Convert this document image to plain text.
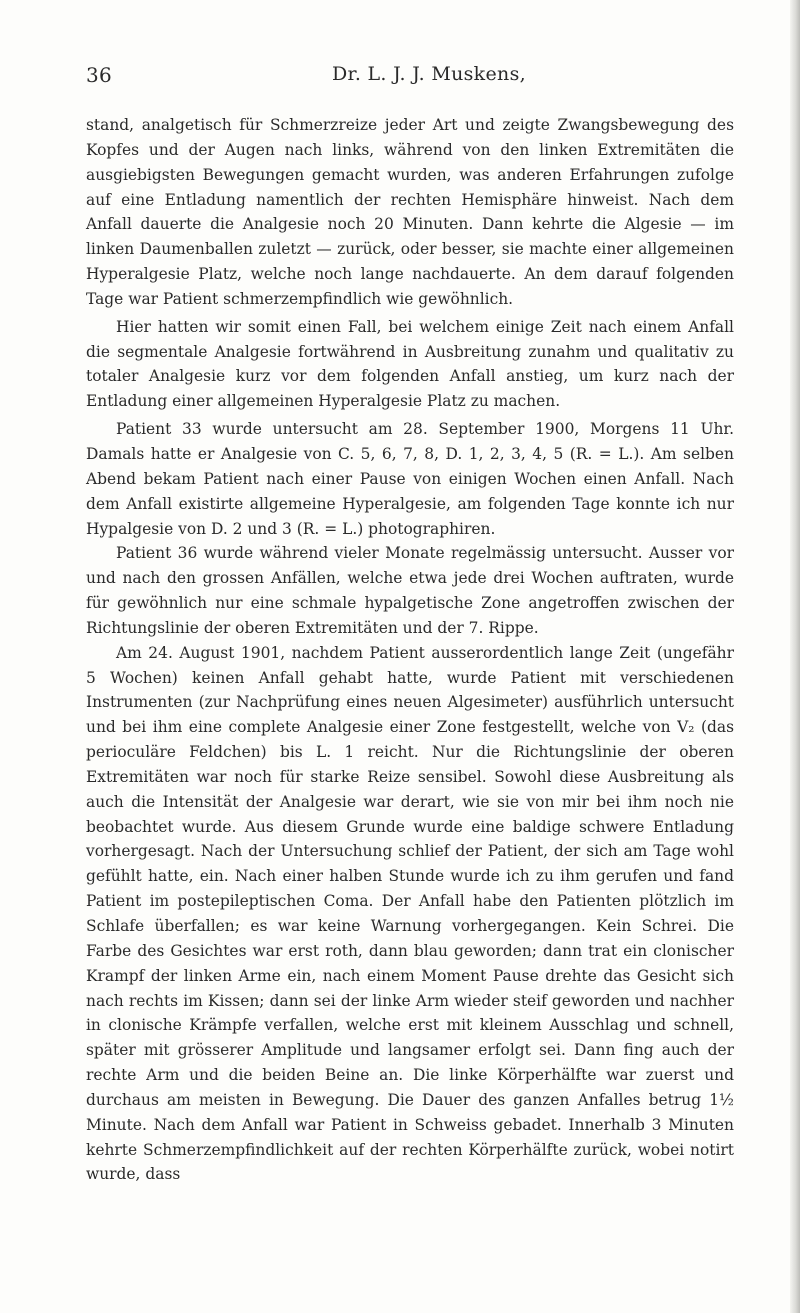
36	Dr. L. J. J. Muskens,

stand, analgetisch für Schmerzreize jeder Art und zeigte Zwangsbewegung des Kopfes und der Augen nach links, während von den linken Extremitäten die ausgiebigsten Bewegungen gemacht wurden, was anderen Erfahrungen zufolge auf eine Entladung namentlich der rechten Hemisphäre hinweist. Nach dem Anfall dauerte die Analgesie noch 20 Minuten. Dann kehrte die Algesie — im linken Daumenballen zuletzt — zurück, oder besser, sie machte einer allgemeinen Hyperalgesie Platz, welche noch lange nachdauerte. An dem darauf folgenden Tage war Patient schmerzempfindlich wie gewöhnlich.

Hier hatten wir somit einen Fall, bei welchem einige Zeit nach einem Anfall die segmentale Analgesie fortwährend in Ausbreitung zunahm und qualitativ zu totaler Analgesie kurz vor dem folgenden Anfall anstieg, um kurz nach der Entladung einer allgemeinen Hyperalgesie Platz zu machen.

Patient 33 wurde untersucht am 28. September 1900, Morgens 11 Uhr. Damals hatte er Analgesie von C. 5, 6, 7, 8, D. 1, 2, 3, 4, 5 (R. = L.). Am selben Abend bekam Patient nach einer Pause von einigen Wochen einen Anfall. Nach dem Anfall existirte allgemeine Hyperalgesie, am folgenden Tage konnte ich nur Hypalgesie von D. 2 und 3 (R. = L.) photographiren.

Patient 36 wurde während vieler Monate regelmässig untersucht. Ausser vor und nach den grossen Anfällen, welche etwa jede drei Wochen auftraten, wurde für gewöhnlich nur eine schmale hypalgetische Zone angetroffen zwischen der Richtungslinie der oberen Extremitäten und der 7. Rippe.

Am 24. August 1901, nachdem Patient ausserordentlich lange Zeit (ungefähr 5 Wochen) keinen Anfall gehabt hatte, wurde Patient mit verschiedenen Instrumenten (zur Nachprüfung eines neuen Algesimeter) ausführlich untersucht und bei ihm eine complete Analgesie einer Zone festgestellt, welche von V₂ (das perioculäre Feldchen) bis L. 1 reicht. Nur die Richtungslinie der oberen Extremitäten war noch für starke Reize sensibel. Sowohl diese Ausbreitung als auch die Intensität der Analgesie war derart, wie sie von mir bei ihm noch nie beobachtet wurde. Aus diesem Grunde wurde eine baldige schwere Entladung vorhergesagt. Nach der Untersuchung schlief der Patient, der sich am Tage wohl gefühlt hatte, ein. Nach einer halben Stunde wurde ich zu ihm gerufen und fand Patient im postepileptischen Coma. Der Anfall habe den Patienten plötzlich im Schlafe überfallen; es war keine Warnung vorhergegangen. Kein Schrei. Die Farbe des Gesichtes war erst roth, dann blau geworden; dann trat ein clonischer Krampf der linken Arme ein, nach einem Moment Pause drehte das Gesicht sich nach rechts im Kissen; dann sei der linke Arm wieder steif geworden und nachher in clonische Krämpfe verfallen, welche erst mit kleinem Ausschlag und schnell, später mit grösserer Amplitude und langsamer erfolgt sei. Dann fing auch der rechte Arm und die beiden Beine an. Die linke Körperhälfte war zuerst und durchaus am meisten in Bewegung. Die Dauer des ganzen Anfalles betrug 1½ Minute. Nach dem Anfall war Patient in Schweiss gebadet. Innerhalb 3 Minuten kehrte Schmerzempfindlichkeit auf der rechten Körperhälfte zurück, wobei notirt wurde, dass
